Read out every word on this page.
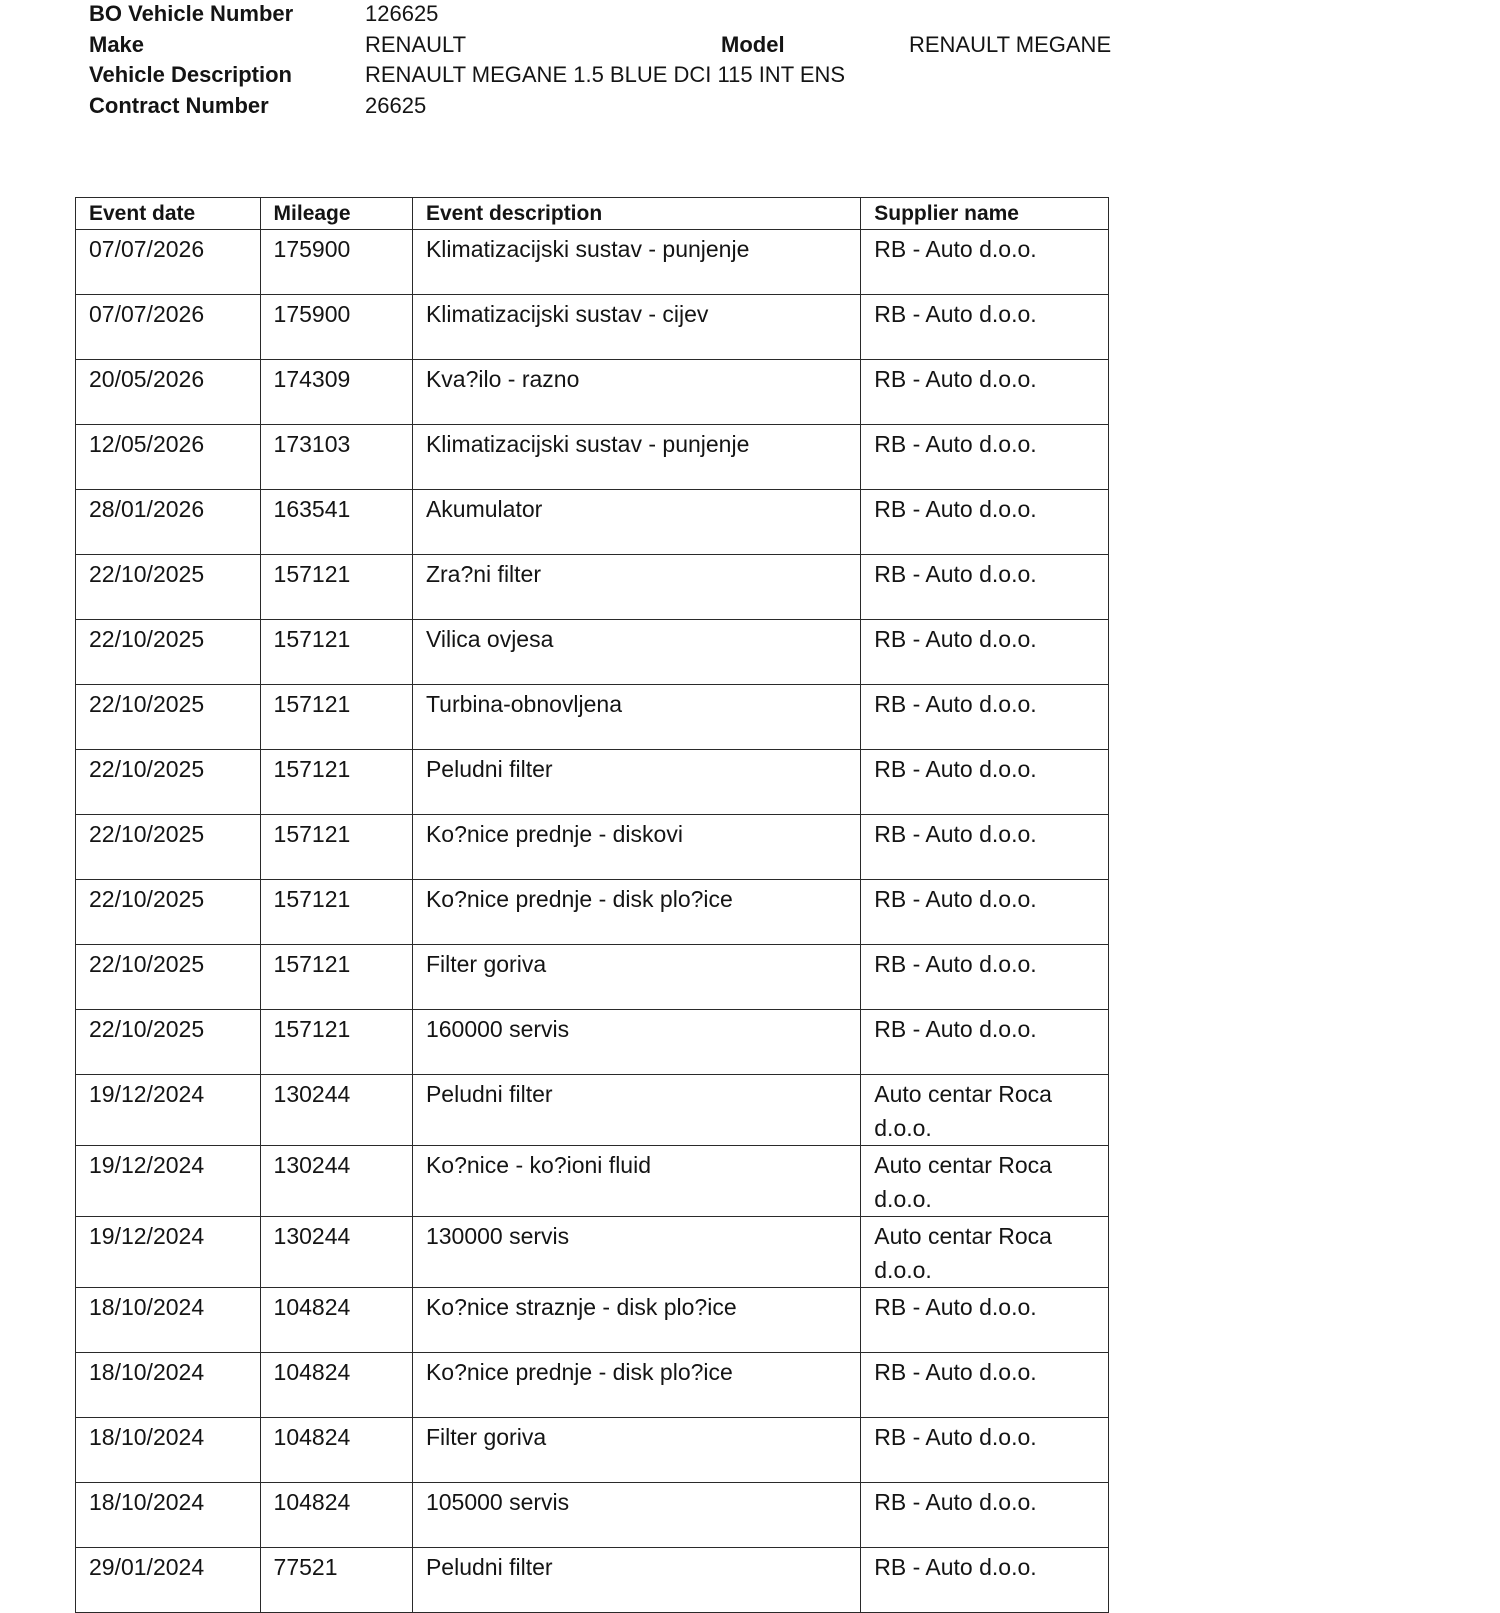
BO Vehicle Number	126625
Make	RENAULT	Model	RENAULT MEGANE
Vehicle Description	RENAULT MEGANE 1.5 BLUE DCI 115 INT ENS
Contract Number	26625
Event date	Mileage	Event description	Supplier name
07/07/2026	175900	Klimatizacijski sustav - punjenje	RB - Auto d.o.o.
07/07/2026	175900	Klimatizacijski sustav - cijev	RB - Auto d.o.o.
20/05/2026	174309	Kva?ilo - razno	RB - Auto d.o.o.
12/05/2026	173103	Klimatizacijski sustav - punjenje	RB - Auto d.o.o.
28/01/2026	163541	Akumulator	RB - Auto d.o.o.
22/10/2025	157121	Zra?ni filter	RB - Auto d.o.o.
22/10/2025	157121	Vilica ovjesa	RB - Auto d.o.o.
22/10/2025	157121	Turbina-obnovljena	RB - Auto d.o.o.
22/10/2025	157121	Peludni filter	RB - Auto d.o.o.
22/10/2025	157121	Ko?nice prednje - diskovi	RB - Auto d.o.o.
22/10/2025	157121	Ko?nice prednje - disk plo?ice	RB - Auto d.o.o.
22/10/2025	157121	Filter goriva	RB - Auto d.o.o.
22/10/2025	157121	160000 servis	RB - Auto d.o.o.
19/12/2024	130244	Peludni filter	Auto centar Roca d.o.o.
19/12/2024	130244	Ko?nice - ko?ioni fluid	Auto centar Roca d.o.o.
19/12/2024	130244	130000 servis	Auto centar Roca d.o.o.
18/10/2024	104824	Ko?nice straznje - disk plo?ice	RB - Auto d.o.o.
18/10/2024	104824	Ko?nice prednje - disk plo?ice	RB - Auto d.o.o.
18/10/2024	104824	Filter goriva	RB - Auto d.o.o.
18/10/2024	104824	105000 servis	RB - Auto d.o.o.
29/01/2024	77521	Peludni filter	RB - Auto d.o.o.
